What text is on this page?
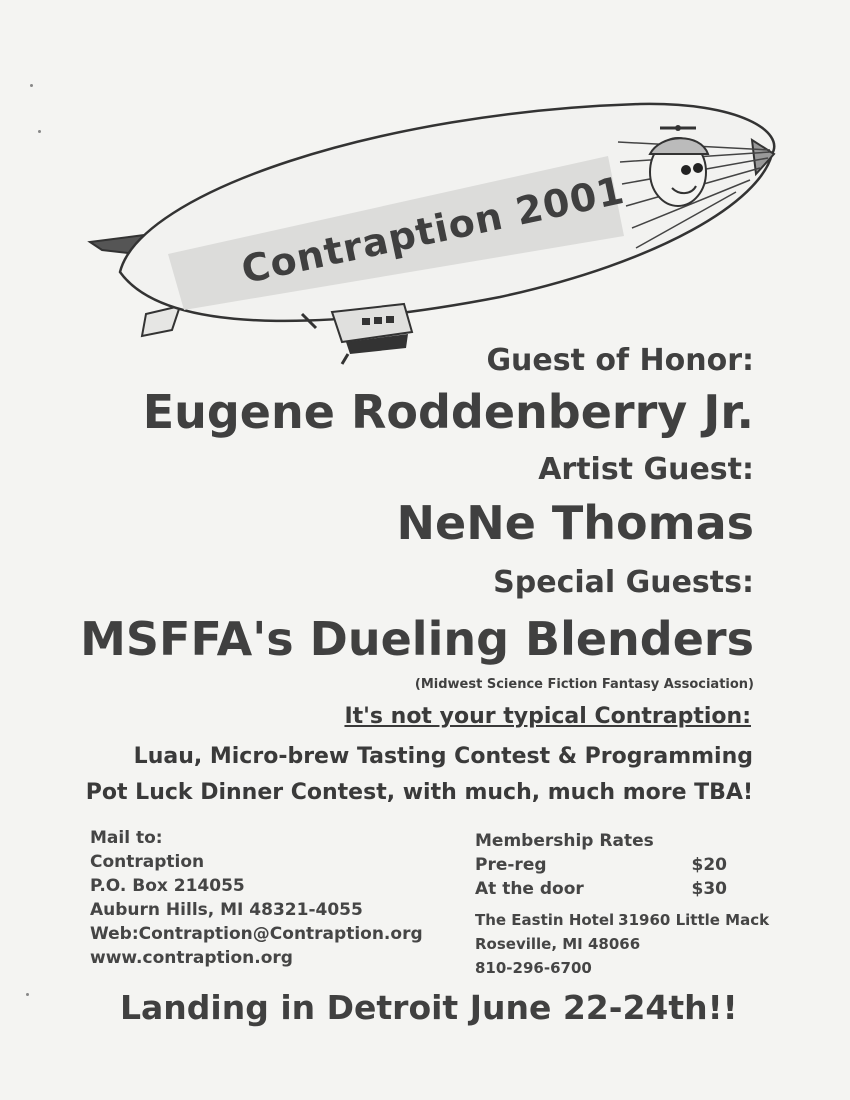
Contraption 2001
Guest of Honor:
Eugene Roddenberry Jr.
Artist Guest:
NeNe Thomas
Special Guests:
MSFFA's Dueling Blenders
(Midwest Science Fiction Fantasy Association)
It's not your typical Contraption:
Luau, Micro-brew Tasting Contest & Programming
Pot Luck Dinner Contest, with much, much more TBA!
Mail to:
Contraption
P.O. Box 214055
Auburn Hills, MI 48321-4055
Web:Contraption@Contraption.org
www.contraption.org
Membership Rates
Pre-reg	$20
At the door	$30
The Eastin Hotel 31960 Little Mack
Roseville, MI 48066
810-296-6700
Landing in Detroit June 22-24th!!
